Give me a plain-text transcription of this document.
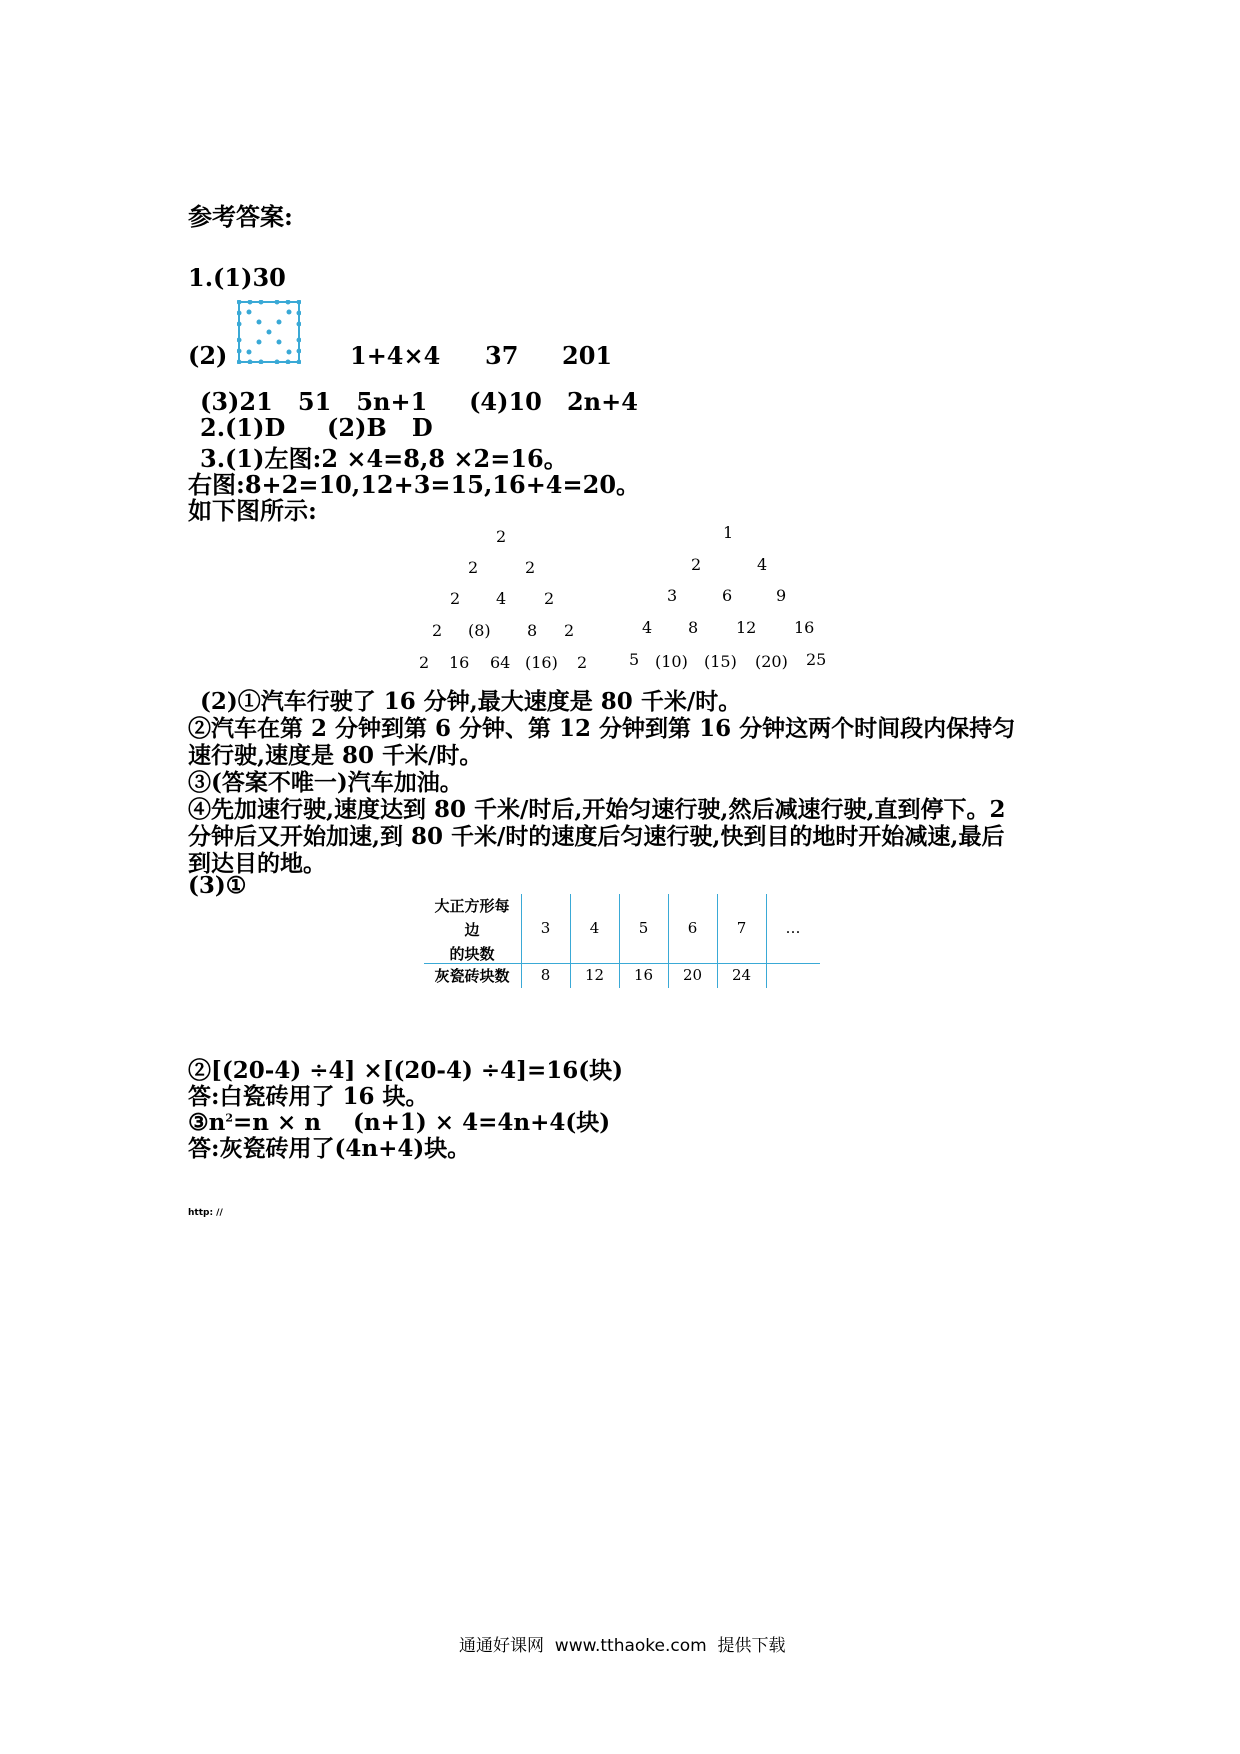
参考答案:
1.(1)30
(2)	1+4×4 37 201
(3)21   51   5n+1     (4)10   2n+4
2.(1)D     (2)B   D
3.(1)左图:2 ×4=8,8 ×2=16。
右图:8+2=10,12+3=15,16+4=20。
如下图所示:
2
2	2
2 4 2
2 (8) 8 2
2 16 64 (16) 2
1
2	4
3	6	9
4 8 12 16
5 (10) (15) (20) 25
(2)①汽车行驶了 16 分钟,最大速度是 80 千米/时。
②汽车在第 2 分钟到第 6 分钟、第 12 分钟到第 16 分钟这两个时间段内保持匀
速行驶,速度是 80 千米/时。
③(答案不唯一)汽车加油。
④先加速行驶,速度达到 80 千米/时后,开始匀速行驶,然后减速行驶,直到停下。2
分钟后又开始加速,到 80 千米/时的速度后匀速行驶,快到目的地时开始减速,最后
到达目的地。
(3)①
大正方形每
边
的块数
灰瓷砖块数
3	4	5	6	7	…
8	12	16	20	24
②[(20-4) ÷4] ×[(20-4) ÷4]=16(块)
答:白瓷砖用了 16 块。
$③n^2=n \times n$    (n+1) × 4=4n+4(块)
答:灰瓷砖用了(4n+4)块。
http: //
通通好课网  www.tthaoke.com  提供下载
